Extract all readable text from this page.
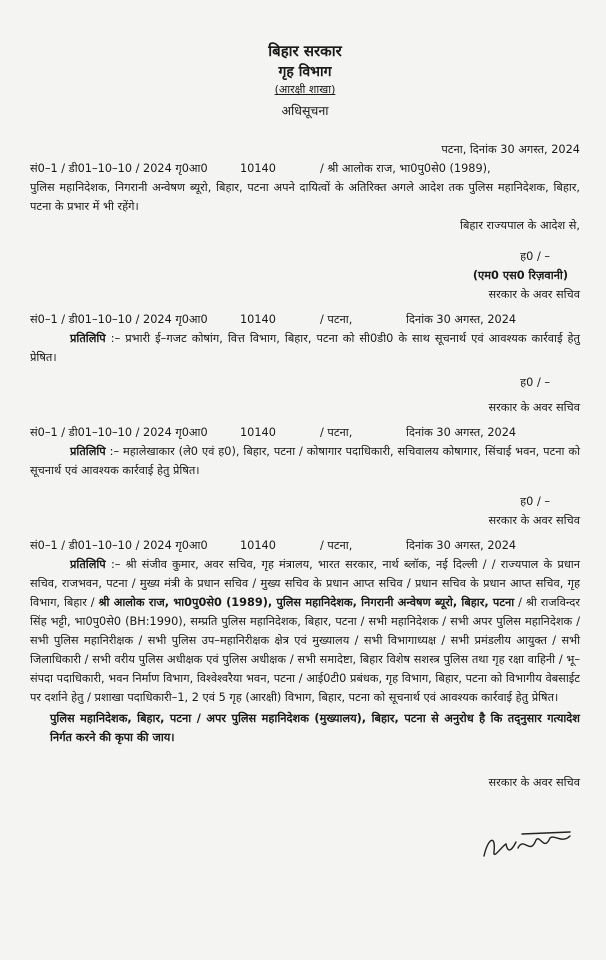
बिहार सरकार
गृह विभाग
(आरक्षी शाखा)
अधिसूचना

पटना, दिनांक 30 अगस्त, 2024

सं0–1 / डी01–10–10 / 2024 गृ0आ0	10140	/ श्री आलोक राज, भा0पु0से0 (1989),

पुलिस महानिदेशक, निगरानी अन्वेषण ब्यूरो, बिहार, पटना अपने दायित्वों के अतिरिक्त अगले आदेश तक पुलिस महानिदेशक, बिहार, पटना के प्रभार में भी रहेंगे।

बिहार राज्यपाल के आदेश से,

ह0 / –

(एम0 एस0 रिज़वानी)

सरकार के अवर सचिव

सं0–1 / डी01–10–10 / 2024 गृ0आ0	10140	/ पटना,	दिनांक 30 अगस्त, 2024

प्रतिलिपि :– प्रभारी ई–गजट कोषांग, वित्त विभाग, बिहार, पटना को सी0डी0 के साथ सूचनार्थ एवं आवश्यक कार्रवाई हेतु प्रेषित।

ह0 / –

सरकार के अवर सचिव

सं0–1 / डी01–10–10 / 2024 गृ0आ0	10140	/ पटना,	दिनांक 30 अगस्त, 2024

प्रतिलिपि :– महालेखाकार (ले0 एवं ह0), बिहार, पटना / कोषागार पदाधिकारी, सचिवालय कोषागार, सिंचाई भवन, पटना को सूचनार्थ एवं आवश्यक कार्रवाई हेतु प्रेषित।

ह0 / –

सरकार के अवर सचिव

सं0–1 / डी01–10–10 / 2024 गृ0आ0	10140	/ पटना,	दिनांक 30 अगस्त, 2024

प्रतिलिपि :– श्री संजीव कुमार, अवर सचिव, गृह मंत्रालय, भारत सरकार, नार्थ ब्लॉक, नई दिल्ली / / राज्यपाल के प्रधान सचिव, राजभवन, पटना / मुख्य मंत्री के प्रधान सचिव / मुख्य सचिव के प्रधान आप्त सचिव / प्रधान सचिव के प्रधान आप्त सचिव, गृह विभाग, बिहार / श्री आलोक राज, भा0पु0से0 (1989), पुलिस महानिदेशक, निगरानी अन्वेषण ब्यूरो, बिहार, पटना / श्री राजविन्दर सिंह भट्टी, भा0पु0से0 (BH:1990), सम्प्रति पुलिस महानिदेशक, बिहार, पटना / सभी महानिदेशक / सभी अपर पुलिस महानिदेशक / सभी पुलिस महानिरीक्षक / सभी पुलिस उप–महानिरीक्षक क्षेत्र एवं मुख्यालय / सभी विभागाध्यक्ष / सभी प्रमंडलीय आयुक्त / सभी जिलाधिकारी / सभी वरीय पुलिस अधीक्षक एवं पुलिस अधीक्षक / सभी समादेष्टा, बिहार विशेष सशस्त्र पुलिस तथा गृह रक्षा वाहिनी / भू–संपदा पदाधिकारी, भवन निर्माण विभाग, विश्वेश्वरैया भवन, पटना / आई0टी0 प्रबंधक, गृह विभाग, बिहार, पटना को विभागीय वेबसाईट पर दर्शाने हेतु / प्रशाखा पदाधिकारी–1, 2 एवं 5 गृह (आरक्षी) विभाग, बिहार, पटना को सूचनार्थ एवं आवश्यक कार्रवाई हेतु प्रेषित।

पुलिस महानिदेशक, बिहार, पटना / अपर पुलिस महानिदेशक (मुख्यालय), बिहार, पटना से अनुरोध है कि तद्नुसार गत्यादेश निर्गत करने की कृपा की जाय।

सरकार के अवर सचिव
